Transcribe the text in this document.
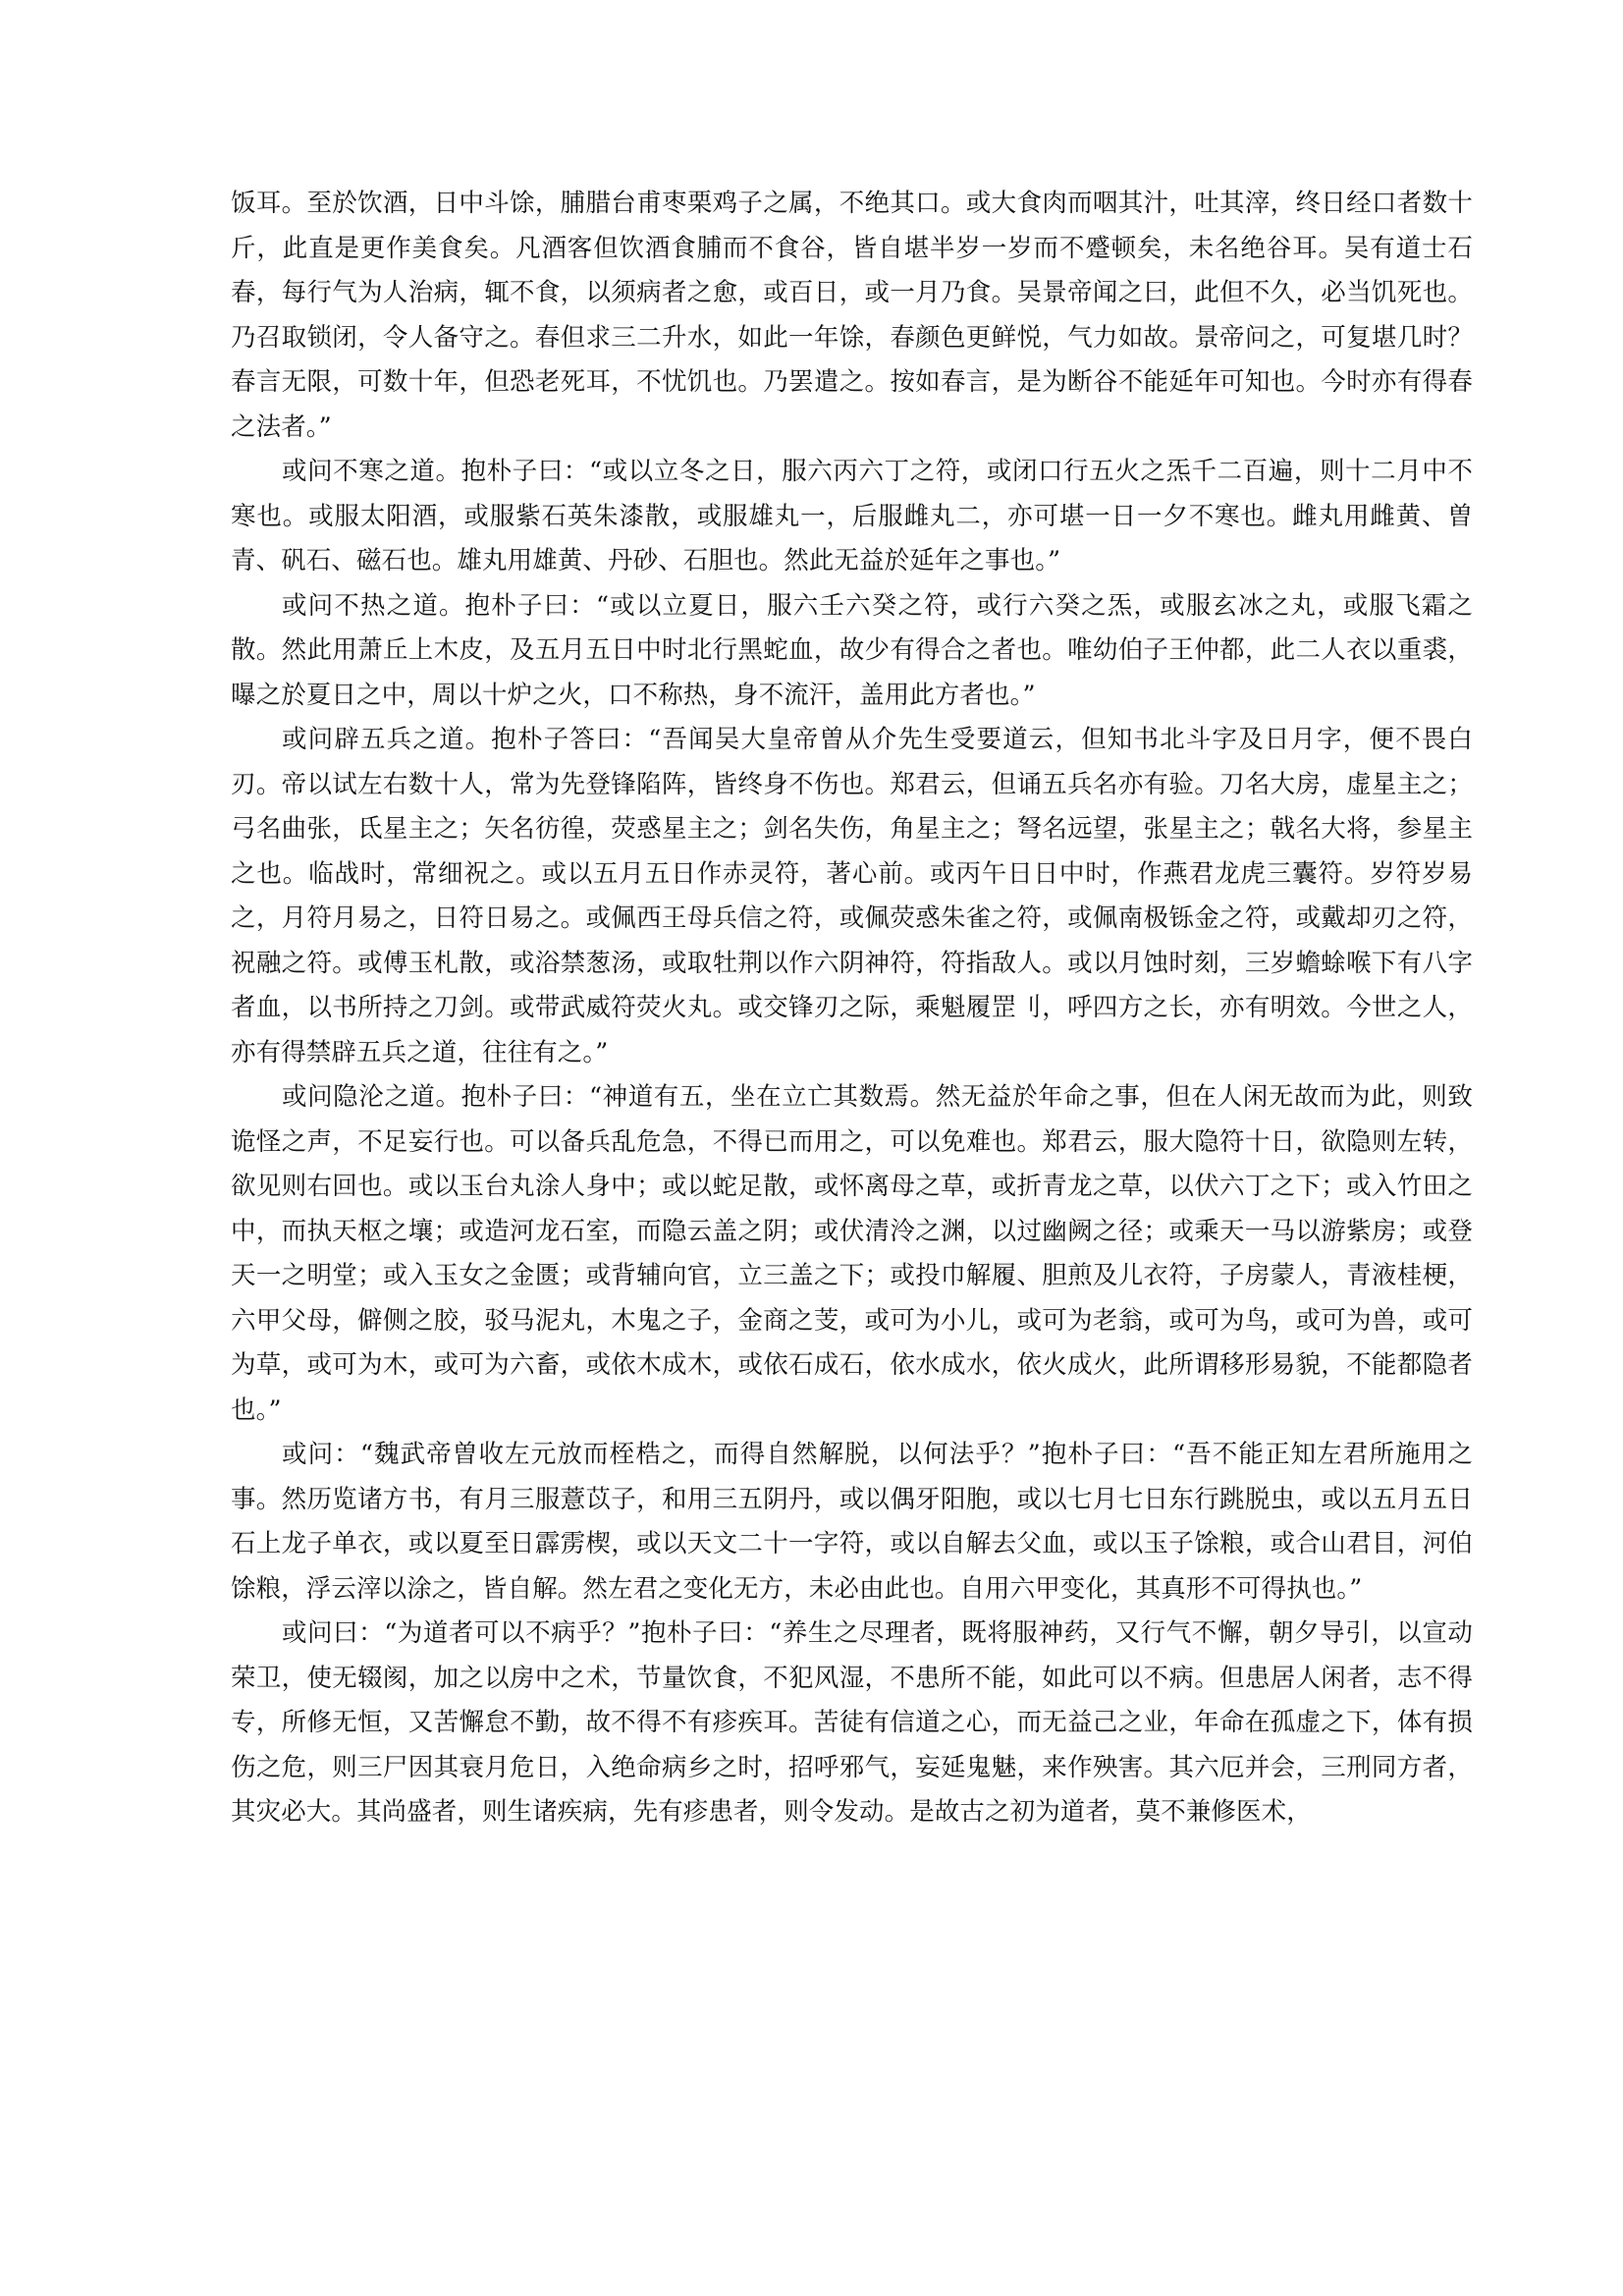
饭耳。至於饮酒，日中斗馀，脯腊台甫枣栗鸡子之属，不绝其口。或大食肉而咽其汁，吐其滓，终日经口者数十斤，此直是更作美食矣。凡酒客但饮酒食脯而不食谷，皆自堪半岁一岁而不蹙顿矣，未名绝谷耳。吴有道士石春，每行气为人治病，辄不食，以须病者之愈，或百日，或一月乃食。吴景帝闻之曰，此但不久，必当饥死也。乃召取锁闭，令人备守之。春但求三二升水，如此一年馀，春颜色更鲜悦，气力如故。景帝问之，可复堪几时？春言无限，可数十年，但恐老死耳，不忧饥也。乃罢遣之。按如春言，是为断谷不能延年可知也。今时亦有得春之法者。”

或问不寒之道。抱朴子曰：“或以立冬之日，服六丙六丁之符，或闭口行五火之炁千二百遍，则十二月中不寒也。或服太阳酒，或服紫石英朱漆散，或服雄丸一，后服雌丸二，亦可堪一日一夕不寒也。雌丸用雌黄、曽青、矾石、磁石也。雄丸用雄黄、丹砂、石胆也。然此无益於延年之事也。”

或问不热之道。抱朴子曰：“或以立夏日，服六壬六癸之符，或行六癸之炁，或服玄冰之丸，或服飞霜之散。然此用萧丘上木皮，及五月五日中时北行黑蛇血，故少有得合之者也。唯幼伯子王仲都，此二人衣以重裘，曝之於夏日之中，周以十炉之火，口不称热，身不流汗，盖用此方者也。”

或问辟五兵之道。抱朴子答曰：“吾闻吴大皇帝曽从介先生受要道云，但知书北斗字及日月字，便不畏白刃。帝以试左右数十人，常为先登锋陷阵，皆终身不伤也。郑君云，但诵五兵名亦有验。刀名大房，虚星主之；弓名曲张，氐星主之；矢名彷徨，荧惑星主之；剑名失伤，角星主之；弩名远望，张星主之；戟名大将，参星主之也。临战时，常细祝之。或以五月五日作赤灵符，著心前。或丙午日日中时，作燕君龙虎三囊符。岁符岁易之，月符月易之，日符日易之。或佩西王母兵信之符，或佩荧惑朱雀之符，或佩南极铄金之符，或戴却刃之符，祝融之符。或傅玉札散，或浴禁葱汤，或取牡荆以作六阴神符，符指敌人。或以月蚀时刻，三岁蟾蜍喉下有八字者血，以书所持之刀剑。或带武威符荧火丸。或交锋刃之际，乘魁履罡刂，呼四方之长，亦有明效。今世之人，亦有得禁辟五兵之道，往往有之。”

或问隐沦之道。抱朴子曰：“神道有五，坐在立亡其数焉。然无益於年命之事，但在人闲无故而为此，则致诡怪之声，不足妄行也。可以备兵乱危急，不得已而用之，可以免难也。郑君云，服大隐符十日，欲隐则左转，欲见则右回也。或以玉台丸涂人身中；或以蛇足散，或怀离母之草，或折青龙之草，以伏六丁之下；或入竹田之中，而执天枢之壤；或造河龙石室，而隐云盖之阴；或伏清泠之渊，以过幽阙之径；或乘天一马以游紫房；或登天一之明堂；或入玉女之金匮；或背辅向官，立三盖之下；或投巾解履、胆煎及儿衣符，子房蒙人，青液桂梗，六甲父母，僻侧之胶，驳马泥丸，木鬼之子，金商之芰，或可为小儿，或可为老翁，或可为鸟，或可为兽，或可为草，或可为木，或可为六畜，或依木成木，或依石成石，依水成水，依火成火，此所谓移形易貌，不能都隐者也。”

或问：“魏武帝曽收左元放而桎梏之，而得自然解脱，以何法乎？”抱朴子曰：“吾不能正知左君所施用之事。然历览诸方书，有月三服薏苡子，和用三五阴丹，或以偶牙阳胞，或以七月七日东行跳脱虫，或以五月五日石上龙子单衣，或以夏至日霹雳楔，或以天文二十一字符，或以自解去父血，或以玉子馀粮，或合山君目，河伯馀粮，浮云滓以涂之，皆自解。然左君之变化无方，未必由此也。自用六甲变化，其真形不可得执也。”

或问曰：“为道者可以不病乎？”抱朴子曰：“养生之尽理者，既将服神药，又行气不懈，朝夕导引，以宣动荣卫，使无辍阂，加之以房中之术，节量饮食，不犯风湿，不患所不能，如此可以不病。但患居人闲者，志不得专，所修无恒，又苦懈怠不勤，故不得不有疹疾耳。苦徒有信道之心，而无益己之业，年命在孤虚之下，体有损伤之危，则三尸因其衰月危日，入绝命病乡之时，招呼邪气，妄延鬼魅，来作殃害。其六厄并会，三刑同方者，其灾必大。其尚盛者，则生诸疾病，先有疹患者，则令发动。是故古之初为道者，莫不兼修医术，
